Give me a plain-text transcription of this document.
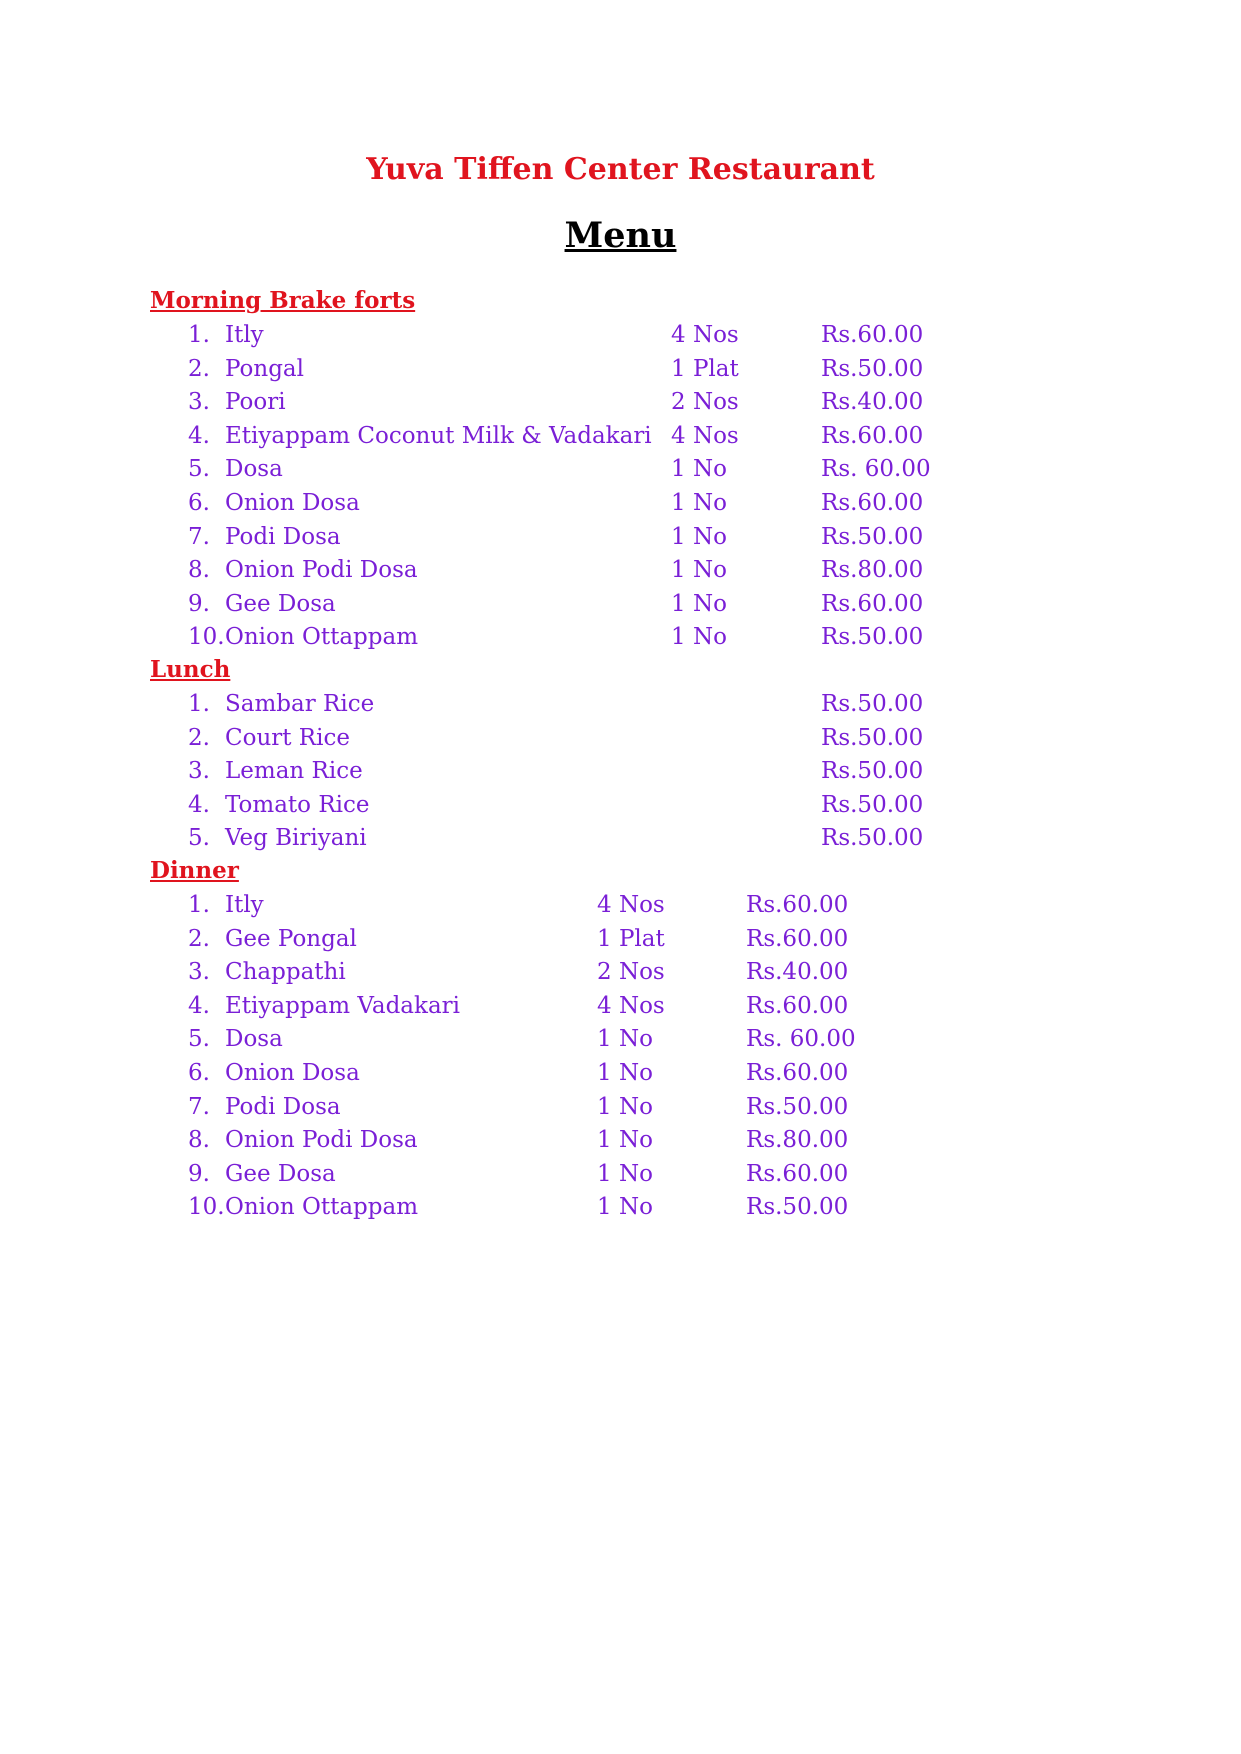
Yuva Tiffen Center Restaurant
Menu
Morning Brake forts
1. Itly	4 Nos	Rs.60.00
2. Pongal	1 Plat	Rs.50.00
3. Poori	2 Nos	Rs.40.00
4. Etiyappam Coconut Milk & Vadakari 4 Nos	Rs.60.00
5. Dosa	1 No	Rs. 60.00
6. Onion Dosa	1 No	Rs.60.00
7. Podi Dosa	1 No	Rs.50.00
8. Onion Podi Dosa	1 No	Rs.80.00
9. Gee Dosa	1 No	Rs.60.00
10. Onion Ottappam	1 No	Rs.50.00
Lunch
1. Sambar Rice	Rs.50.00
2. Court Rice	Rs.50.00
3. Leman Rice	Rs.50.00
4. Tomato Rice	Rs.50.00
5. Veg Biriyani	Rs.50.00
Dinner
1. Itly	4 Nos	Rs.60.00
2. Gee Pongal	1 Plat	Rs.60.00
3. Chappathi	2 Nos	Rs.40.00
4. Etiyappam Vadakari	4 Nos	Rs.60.00
5. Dosa	1 No	Rs. 60.00
6. Onion Dosa	1 No	Rs.60.00
7. Podi Dosa	1 No	Rs.50.00
8. Onion Podi Dosa	1 No	Rs.80.00
9. Gee Dosa	1 No	Rs.60.00
10. Onion Ottappam	1 No	Rs.50.00
